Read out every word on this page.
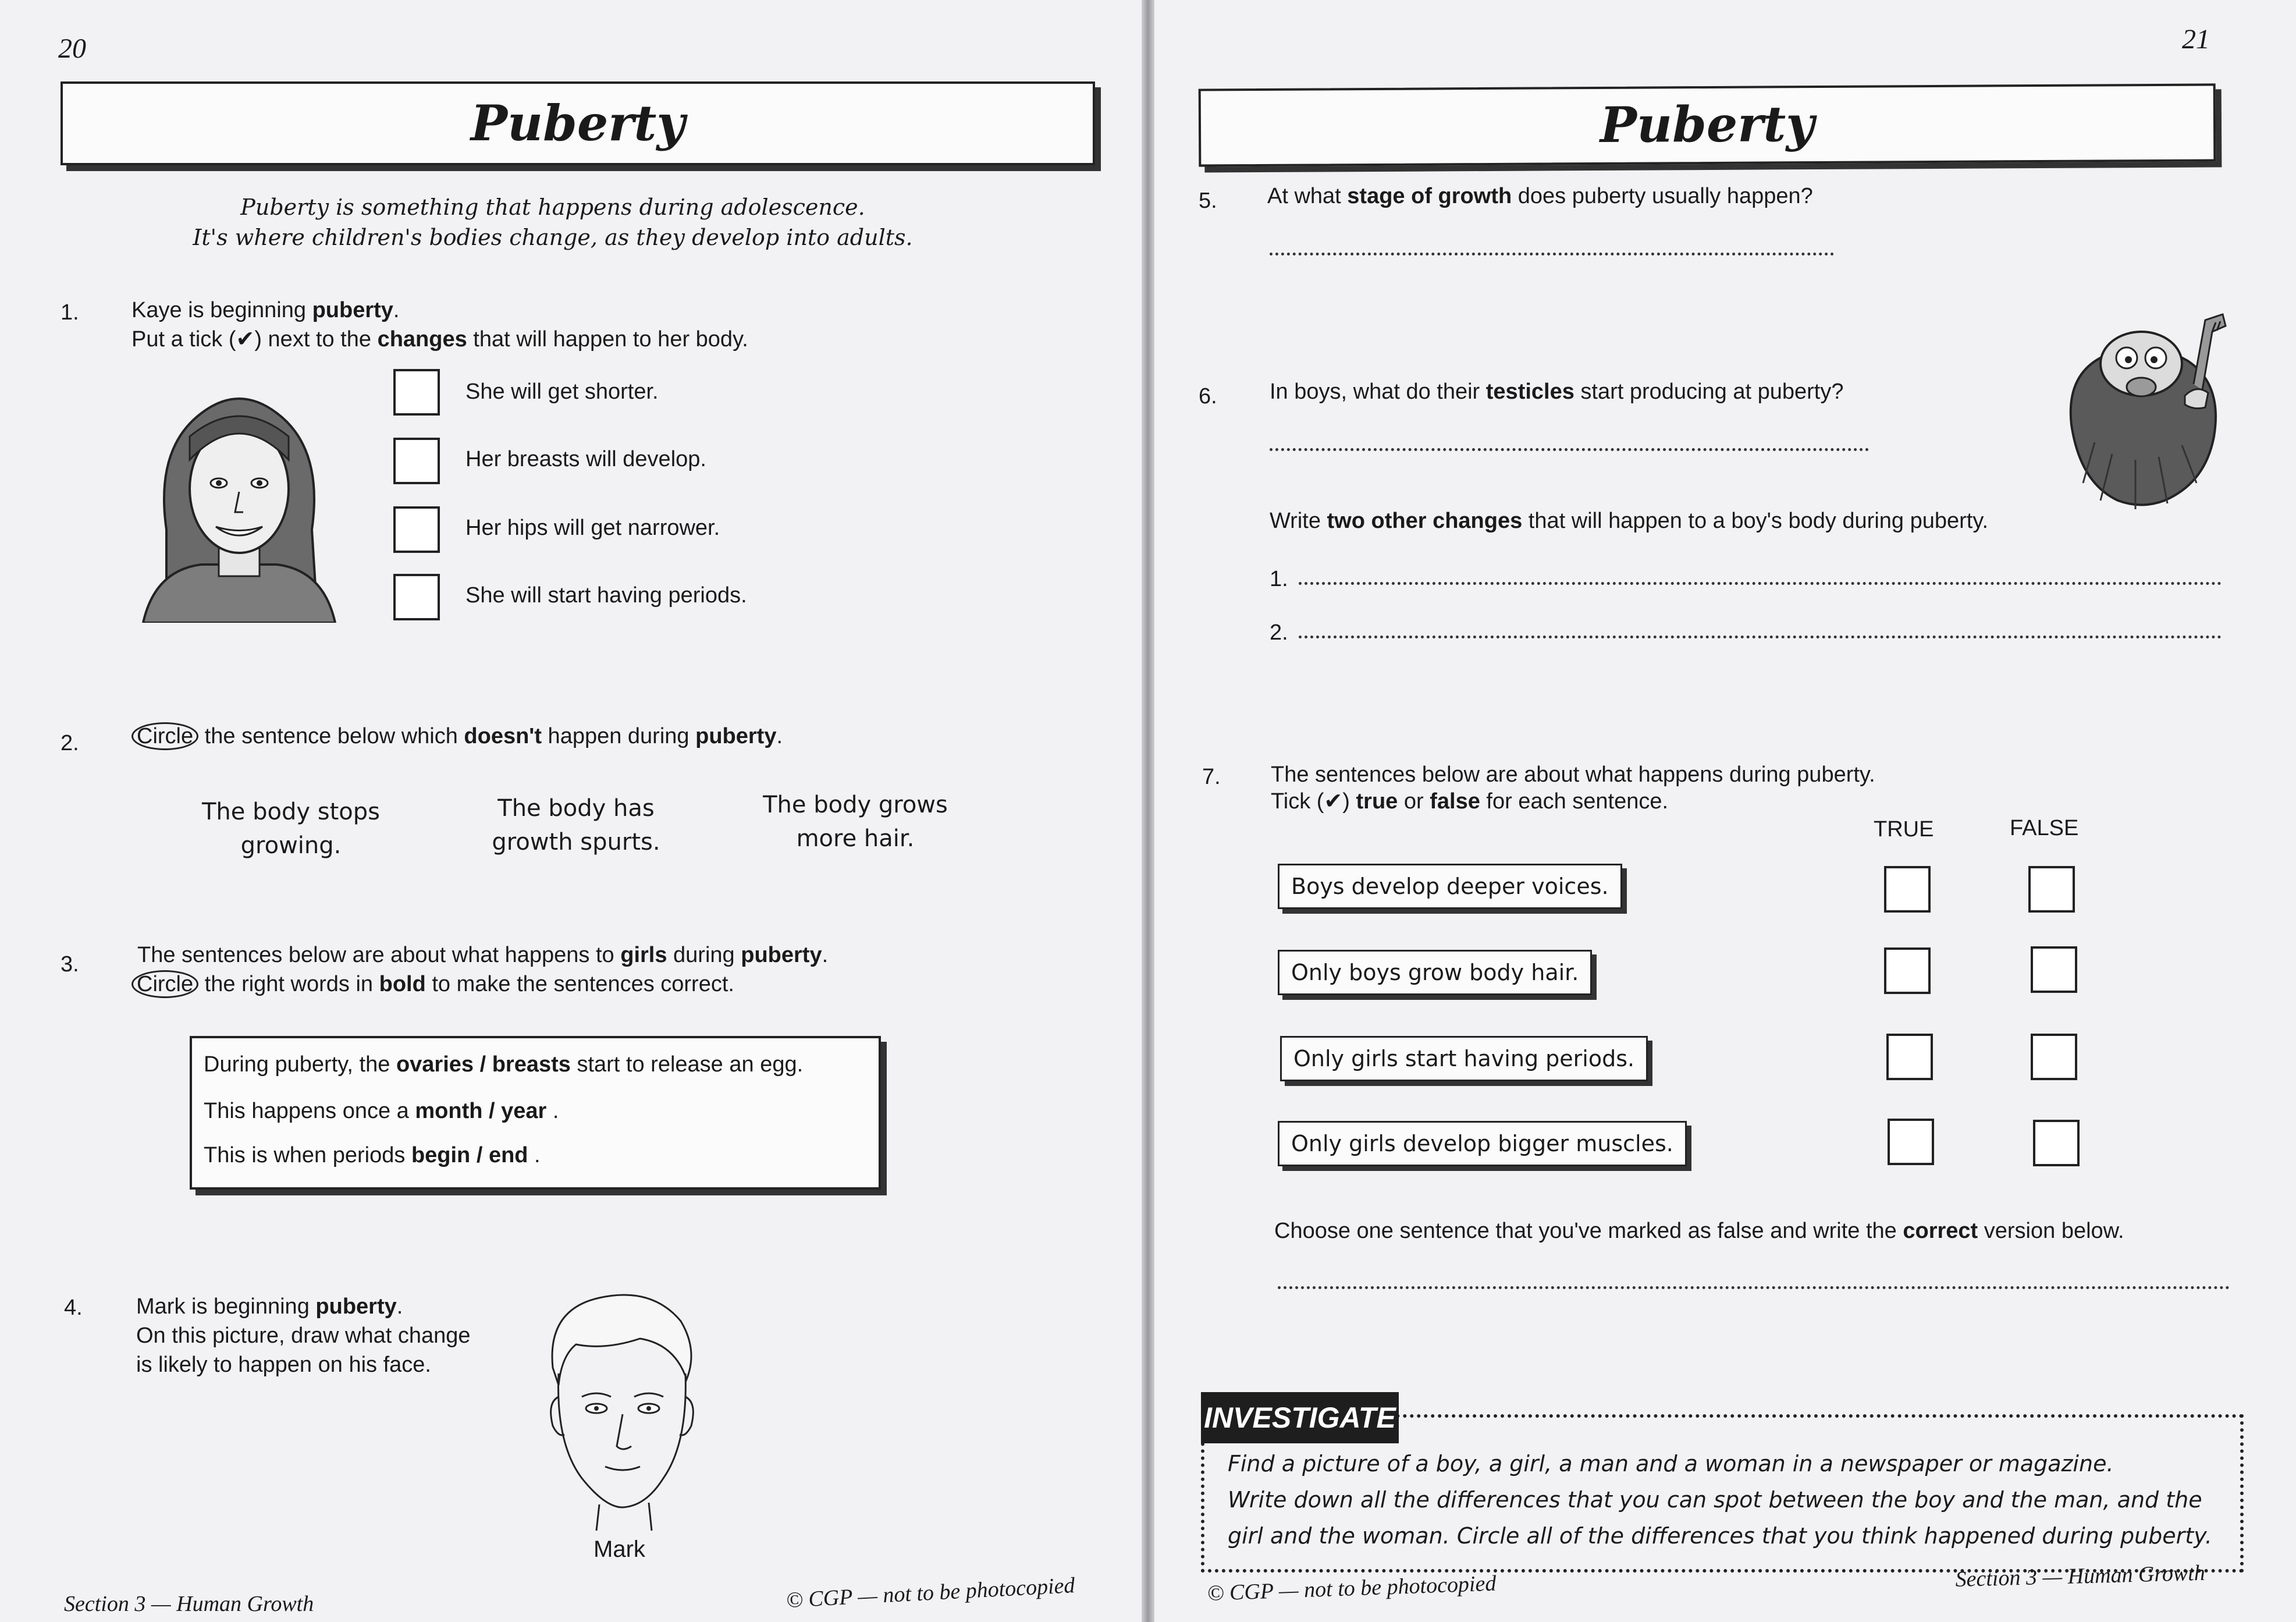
20
Puberty
Puberty is something that happens during adolescence.
It's where children's bodies change, as they develop into adults.
1. Kaye is beginning puberty.
Put a tick (✔) next to the changes that will happen to her body.
She will get shorter.
Her breasts will develop.
Her hips will get narrower.
She will start having periods.
2.	Circle the sentence below which doesn't happen during puberty.
The body stops
growing.
The body has
growth spurts.
The body grows
more hair.
3.	The sentences below are about what happens to girls during puberty.
Circle the right words in bold to make the sentences correct.
During puberty, the ovaries / breasts start to release an egg.
This happens once a month / year .
This is when periods begin / end .
4. Mark is beginning puberty.
On this picture, draw what change
is likely to happen on his face.
Mark
Section 3 — Human Growth	© CGP — not to be photocopied
21
Puberty
5. At what stage of growth does puberty usually happen?
6. In boys, what do their testicles start producing at puberty?
Write two other changes that will happen to a boy's body during puberty.
1.
2.
7. The sentences below are about what happens during puberty.
Tick (✔) true or false for each sentence.
TRUE	FALSE
Boys develop deeper voices.
Only boys grow body hair.
Only girls start having periods.
Only girls develop bigger muscles.
Choose one sentence that you've marked as false and write the correct version below.
INVESTIGATE
Find a picture of a boy, a girl, a man and a woman in a newspaper or magazine.
Write down all the differences that you can spot between the boy and the man, and the
girl and the woman. Circle all of the differences that you think happened during puberty.
© CGP — not to be photocopied	Section 3 — Human Growth
